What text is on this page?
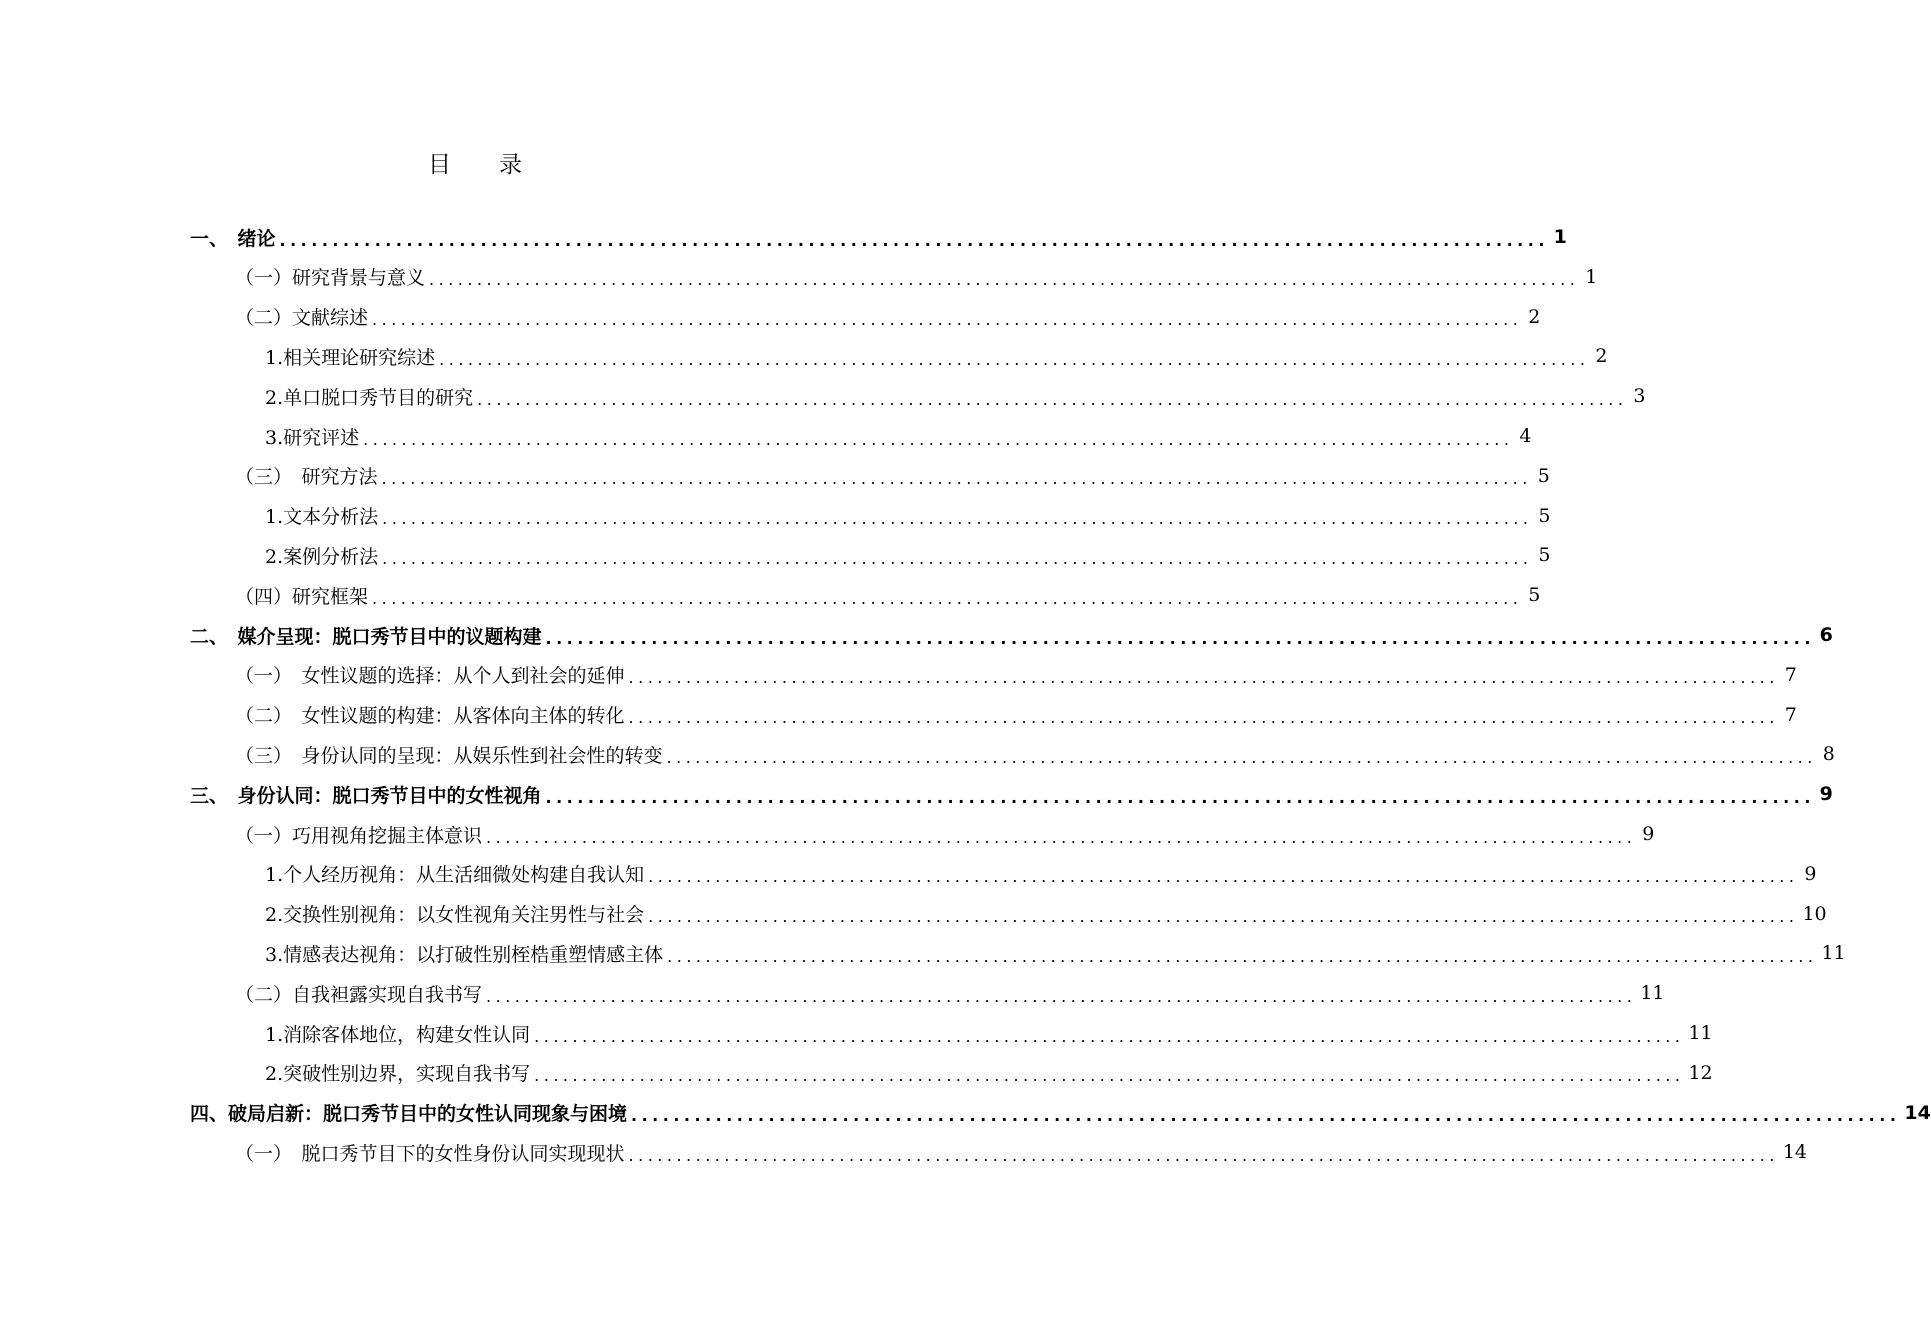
目录
一、　绪论 ........................................................................................................................ 1
（一）研究背景与意义 ........................................................................................................................ 1
（二）文献综述 ........................................................................................................................ 2
1.相关理论研究综述 ........................................................................................................................ 2
2.单口脱口秀节目的研究 ........................................................................................................................ 3
3.研究评述 ........................................................................................................................ 4
（三）　研究方法 ........................................................................................................................ 5
1.文本分析法 ........................................................................................................................ 5
2.案例分析法 ........................................................................................................................ 5
（四）研究框架 ........................................................................................................................ 5
二、　媒介呈现：脱口秀节目中的议题构建 ........................................................................................................................ 6
（一）　女性议题的选择：从个人到社会的延伸 ........................................................................................................................ 7
（二）　女性议题的构建：从客体向主体的转化 ........................................................................................................................ 7
（三）　身份认同的呈现：从娱乐性到社会性的转变 ........................................................................................................................ 8
三、　身份认同：脱口秀节目中的女性视角 ........................................................................................................................ 9
（一）巧用视角挖掘主体意识 ........................................................................................................................ 9
1.个人经历视角：从生活细微处构建自我认知 ........................................................................................................................ 9
2.交换性别视角：以女性视角关注男性与社会 ........................................................................................................................ 10
3.情感表达视角：以打破性别桎梏重塑情感主体 ........................................................................................................................ 11
（二）自我袒露实现自我书写 ........................................................................................................................ 11
1.消除客体地位，构建女性认同 ........................................................................................................................ 11
2.突破性别边界，实现自我书写 ........................................................................................................................ 12
四、破局启新：脱口秀节目中的女性认同现象与困境 ........................................................................................................................ 14
（一）　脱口秀节目下的女性身份认同实现现状 ........................................................................................................................ 14
